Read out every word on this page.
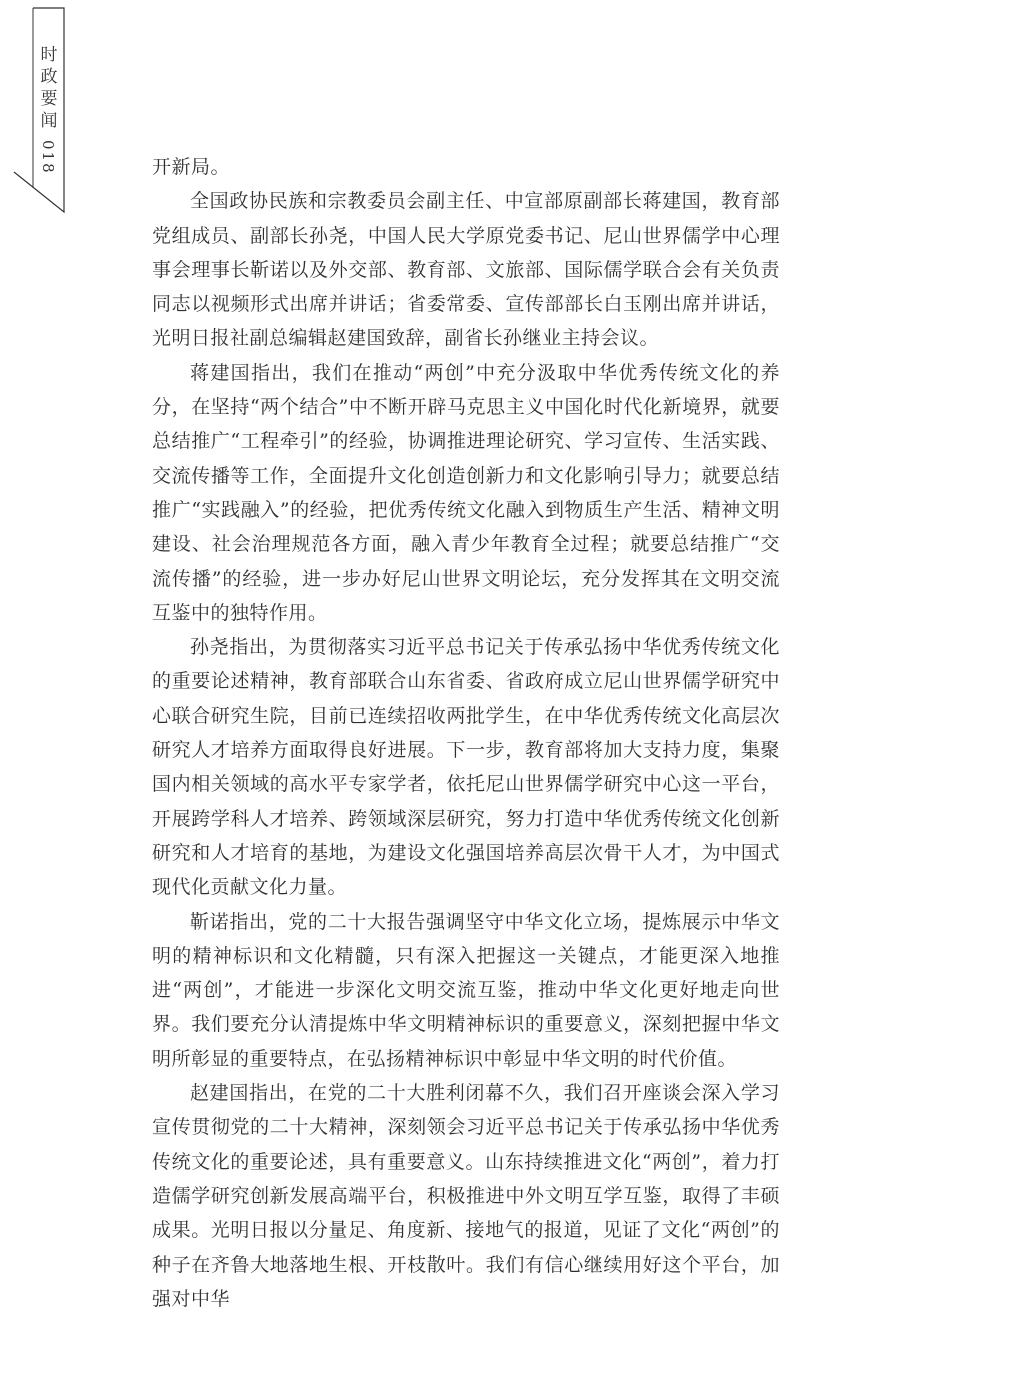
时
政
要
闻
018	开新局。

全国政协民族和宗教委员会副主任、中宣部原副部长蒋建国，教育部党组成员、副部长孙尧，中国人民大学原党委书记、尼山世界儒学中心理事会理事长靳诺以及外交部、教育部、文旅部、国际儒学联合会有关负责同志以视频形式出席并讲话；省委常委、宣传部部长白玉刚出席并讲话，光明日报社副总编辑赵建国致辞，副省长孙继业主持会议。

蒋建国指出，我们在推动“两创”中充分汲取中华优秀传统文化的养分，在坚持“两个结合”中不断开辟马克思主义中国化时代化新境界，就要总结推广“工程牵引”的经验，协调推进理论研究、学习宣传、生活实践、交流传播等工作，全面提升文化创造创新力和文化影响引导力；就要总结推广“实践融入”的经验，把优秀传统文化融入到物质生产生活、精神文明建设、社会治理规范各方面，融入青少年教育全过程；就要总结推广“交流传播”的经验，进一步办好尼山世界文明论坛，充分发挥其在文明交流互鉴中的独特作用。

孙尧指出，为贯彻落实习近平总书记关于传承弘扬中华优秀传统文化的重要论述精神，教育部联合山东省委、省政府成立尼山世界儒学研究中心联合研究生院，目前已连续招收两批学生，在中华优秀传统文化高层次研究人才培养方面取得良好进展。下一步，教育部将加大支持力度，集聚国内相关领域的高水平专家学者，依托尼山世界儒学研究中心这一平台，开展跨学科人才培养、跨领域深层研究，努力打造中华优秀传统文化创新研究和人才培育的基地，为建设文化强国培养高层次骨干人才，为中国式现代化贡献文化力量。

靳诺指出，党的二十大报告强调坚守中华文化立场，提炼展示中华文明的精神标识和文化精髓，只有深入把握这一关键点，才能更深入地推进“两创”，才能进一步深化文明交流互鉴，推动中华文化更好地走向世界。我们要充分认清提炼中华文明精神标识的重要意义，深刻把握中华文明所彰显的重要特点，在弘扬精神标识中彰显中华文明的时代价值。

赵建国指出，在党的二十大胜利闭幕不久，我们召开座谈会深入学习宣传贯彻党的二十大精神，深刻领会习近平总书记关于传承弘扬中华优秀传统文化的重要论述，具有重要意义。山东持续推进文化“两创”，着力打造儒学研究创新发展高端平台，积极推进中外文明互学互鉴，取得了丰硕成果。光明日报以分量足、角度新、接地气的报道，见证了文化“两创”的种子在齐鲁大地落地生根、开枝散叶。我们有信心继续用好这个平台，加强对中华
